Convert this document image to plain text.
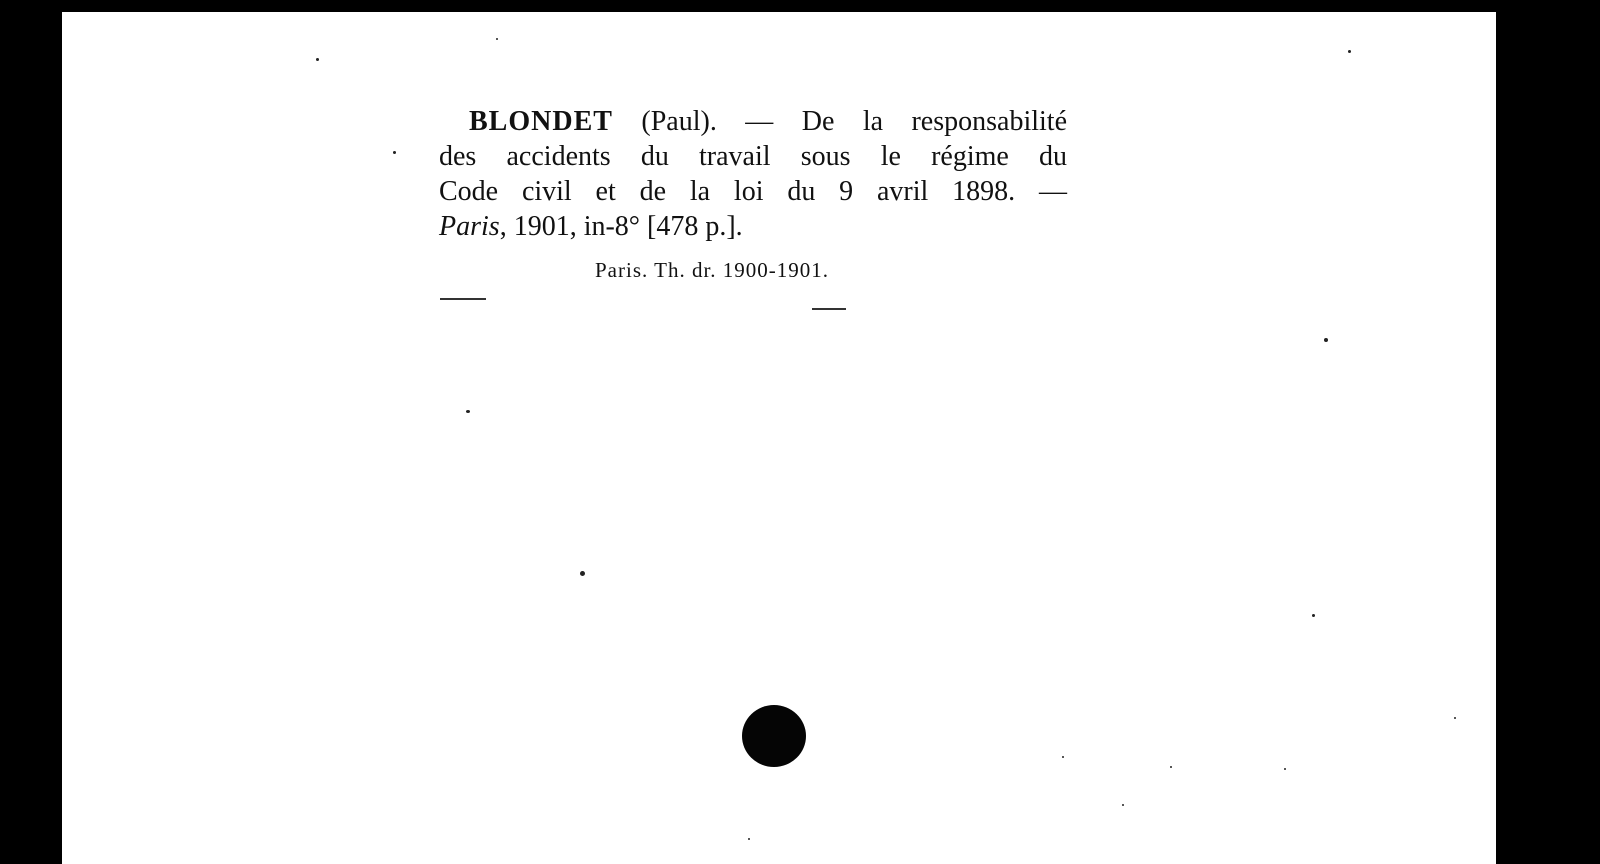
BLONDET (Paul). — De la responsabilité
des accidents du travail sous le régime du
Code civil et de la loi du 9 avril 1898. —
Paris, 1901, in-8° [478 p.].
Paris. Th. dr. 1900-1901.
